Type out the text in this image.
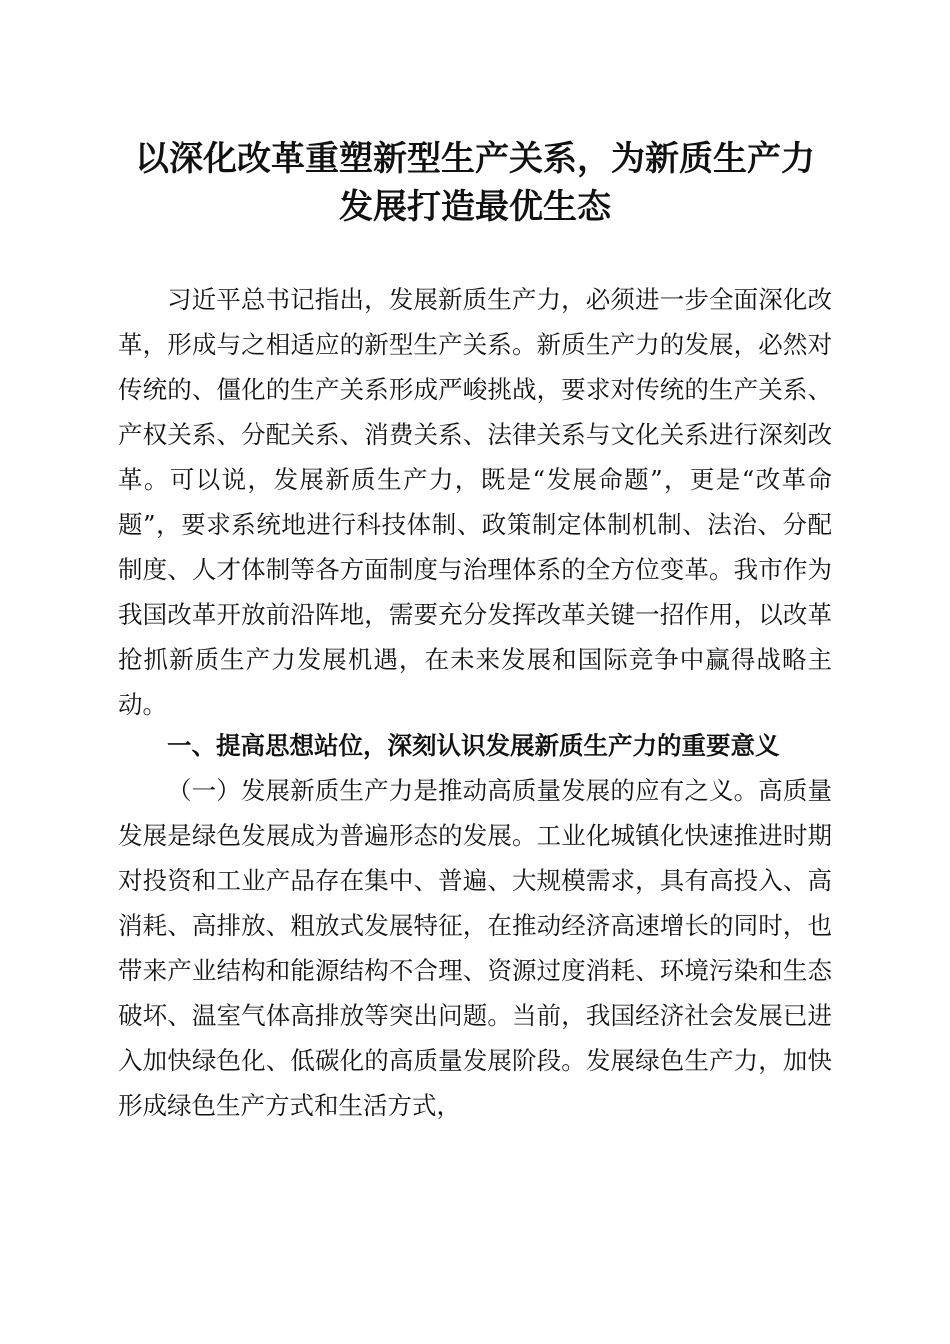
以深化改革重塑新型生产关系，为新质生产力
发展打造最优生态

习近平总书记指出，发展新质生产力，必须进一步全面深化改革，形成与之相适应的新型生产关系。新质生产力的发展，必然对传统的、僵化的生产关系形成严峻挑战，要求对传统的生产关系、产权关系、分配关系、消费关系、法律关系与文化关系进行深刻改革。可以说，发展新质生产力，既是“发展命题”，更是“改革命题”，要求系统地进行科技体制、政策制定体制机制、法治、分配制度、人才体制等各方面制度与治理体系的全方位变革。我市作为我国改革开放前沿阵地，需要充分发挥改革关键一招作用，以改革抢抓新质生产力发展机遇，在未来发展和国际竞争中赢得战略主动。

一、提高思想站位，深刻认识发展新质生产力的重要意义

（一）发展新质生产力是推动高质量发展的应有之义。高质量发展是绿色发展成为普遍形态的发展。工业化城镇化快速推进时期对投资和工业产品存在集中、普遍、大规模需求，具有高投入、高消耗、高排放、粗放式发展特征，在推动经济高速增长的同时，也带来产业结构和能源结构不合理、资源过度消耗、环境污染和生态破坏、温室气体高排放等突出问题。当前，我国经济社会发展已进入加快绿色化、低碳化的高质量发展阶段。发展绿色生产力，加快形成绿色生产方式和生活方式，
